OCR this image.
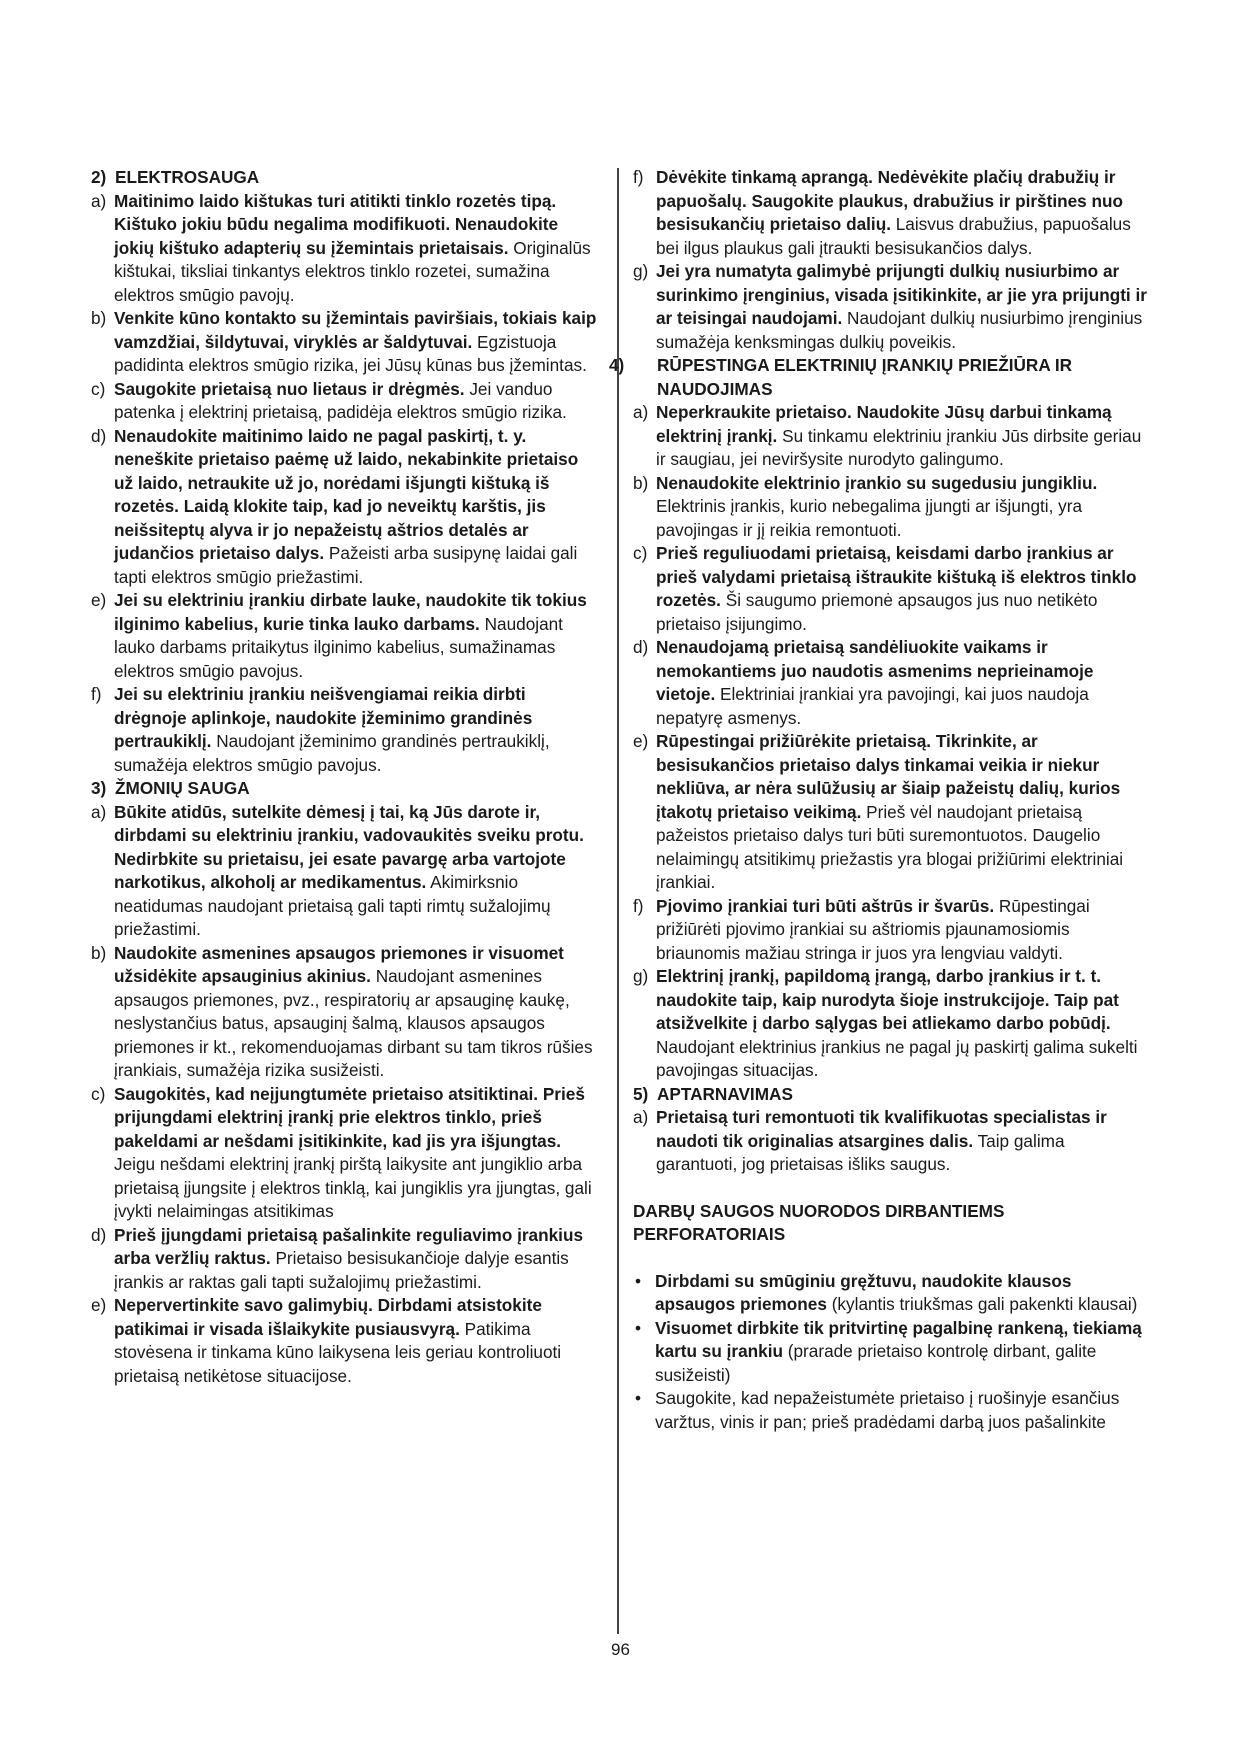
2) ELEKTROSAUGA
a) Maitinimo laido kištukas turi atitikti tinklo rozetės tipą. Kištuko jokiu būdu negalima modifikuoti. Nenaudokite jokių kištuko adapterių su įžemintais prietaisais. Originalūs kištukai, tiksliai tinkantys elektros tinklo rozetei, sumažina elektros smūgio pavojų.
b) Venkite kūno kontakto su įžemintais paviršiais, tokiais kaip vamzdžiai, šildytuvai, viryklės ar šaldytuvai. Egzistuoja padidinta elektros smūgio rizika, jei Jūsų kūnas bus įžemintas.
c) Saugokite prietaisą nuo lietaus ir drėgmės. Jei vanduo patenka į elektrinį prietaisą, padidėja elektros smūgio rizika.
d) Nenaudokite maitinimo laido ne pagal paskirtį, t. y. neneškite prietaiso paėmę už laido, nekabinkite prietaiso už laido, netraukite už jo, norėdami išjungti kištuką iš rozetės. Laidą klokite taip, kad jo neveiktų karštis, jis neišsiteptų alyva ir jo nepažeistų aštrios detalės ar judančios prietaiso dalys. Pažeisti arba susipynę laidai gali tapti elektros smūgio priežastimi.
e) Jei su elektriniu įrankiu dirbate lauke, naudokite tik tokius ilginimo kabelius, kurie tinka lauko darbams. Naudojant lauko darbams pritaikytus ilginimo kabelius, sumažinamas elektros smūgio pavojus.
f) Jei su elektriniu įrankiu neišvengiamai reikia dirbti drėgnoje aplinkoje, naudokite įžeminimo grandinės pertraukiklį. Naudojant įžeminimo grandinės pertraukiklį, sumažėja elektros smūgio pavojus.
3) ŽMONIŲ SAUGA
a) Būkite atidūs, sutelkite dėmesį į tai, ką Jūs darote ir, dirbdami su elektriniu įrankiu, vadovaukitės sveiku protu. Nedirbkite su prietaisu, jei esate pavargę arba vartojote narkotikus, alkoholį ar medikamentus. Akimirksnio neatidumas naudojant prietaisą gali tapti rimtų sužalojimų priežastimi.
b) Naudokite asmenines apsaugos priemones ir visuomet užsidėkite apsauginius akinius. Naudojant asmenines apsaugos priemones, pvz., respiratorių ar apsauginę kaukę, neslystančius batus, apsauginį šalmą, klausos apsaugos priemones ir kt., rekomenduojamas dirbant su tam tikros rūšies įrankiais, sumažėja rizika susižeisti.
c) Saugokitės, kad neįjungtumėte prietaiso atsitiktinai. Prieš prijungdami elektrinį įrankį prie elektros tinklo, prieš pakeldami ar nešdami įsitikinkite, kad jis yra išjungtas. Jeigu nešdami elektrinį įrankį pirštą laikysite ant jungiklio arba prietaisą įjungsite į elektros tinklą, kai jungiklis yra įjungtas, gali įvykti nelaimingas atsitikimas
d) Prieš įjungdami prietaisą pašalinkite reguliavimo įrankius arba veržlių raktus. Prietaiso besisukančioje dalyje esantis įrankis ar raktas gali tapti sužalojimų priežastimi.
e) Nepervertinkite savo galimybių. Dirbdami atsistokite patikimai ir visada išlaikykite pusiausvyrą. Patikima stovėsena ir tinkama kūno laikysena leis geriau kontroliuoti prietaisą netikėtose situacijose.
f) Dėvėkite tinkamą aprangą. Nedėvėkite plačių drabužių ir papuošalų. Saugokite plaukus, drabužius ir pirštines nuo besisukančių prietaiso dalių. Laisvus drabužius, papuošalus bei ilgus plaukus gali įtraukti besisukančios dalys.
g) Jei yra numatyta galimybė prijungti dulkių nusiurbimo ar surinkimo įrenginius, visada įsitikinkite, ar jie yra prijungti ir ar teisingai naudojami. Naudojant dulkių nusiurbimo įrenginius sumažėja kenksmingas dulkių poveikis.
4) RŪPESTINGA ELEKTRINIŲ ĮRANKIŲ PRIEŽIŪRA IR NAUDOJIMAS
a) Neperkraukite prietaiso. Naudokite Jūsų darbui tinkamą elektrinį įrankį. Su tinkamu elektriniu įrankiu Jūs dirbsite geriau ir saugiau, jei neviršysite nurodyto galingumo.
b) Nenaudokite elektrinio įrankio su sugedusiu jungikliu. Elektrinis įrankis, kurio nebegalima įjungti ar išjungti, yra pavojingas ir jį reikia remontuoti.
c) Prieš reguliuodami prietaisą, keisdami darbo įrankius ar prieš valydami prietaisą ištraukite kištuką iš elektros tinklo rozetės. Ši saugumo priemonė apsaugos jus nuo netikėto prietaiso įsijungimo.
d) Nenaudojamą prietaisą sandėliuokite vaikams ir nemokantiems juo naudotis asmenims neprieinamoje vietoje. Elektriniai įrankiai yra pavojingi, kai juos naudoja nepatyrę asmenys.
e) Rūpestingai prižiūrėkite prietaisą. Tikrinkite, ar besisukančios prietaiso dalys tinkamai veikia ir niekur nekliūva, ar nėra sulūžusių ar šiaip pažeistų dalių, kurios įtakotų prietaiso veikimą. Prieš vėl naudojant prietaisą pažeistos prietaiso dalys turi būti suremontuotos. Daugelio nelaimingų atsitikimų priežastis yra blogai prižiūrimi elektriniai įrankiai.
f) Pjovimo įrankiai turi būti aštrūs ir švarūs. Rūpestingai prižiūrėti pjovimo įrankiai su aštriomis pjaunamosiomis briaunomis mažiau stringa ir juos yra lengviau valdyti.
g) Elektrinį įrankį, papildomą įrangą, darbo įrankius ir t. t. naudokite taip, kaip nurodyta šioje instrukcijoje. Taip pat atsižvelkite į darbo sąlygas bei atliekamo darbo pobūdį. Naudojant elektrinius įrankius ne pagal jų paskirtį galima sukelti pavojingas situacijas.
5) APTARNAVIMAS
a) Prietaisą turi remontuoti tik kvalifikuotas specialistas ir naudoti tik originalias atsargines dalis. Taip galima garantuoti, jog prietaisas išliks saugus.
DARBŲ SAUGOS NUORODOS DIRBANTIEMS PERFORATORIAIS
• Dirbdami su smūginiu gręžtuvu, naudokite klausos apsaugos priemones (kylantis triukšmas gali pakenkti klausai)
• Visuomet dirbkite tik pritvirtinę pagalbinę rankeną, tiekiamą kartu su įrankiu (prarade prietaiso kontrolę dirbant, galite susižeisti)
• Saugokite, kad nepažeistumėte prietaiso į ruošinyje esančius varžtus, vinis ir pan; prieš pradėdami darbą juos pašalinkite
96
